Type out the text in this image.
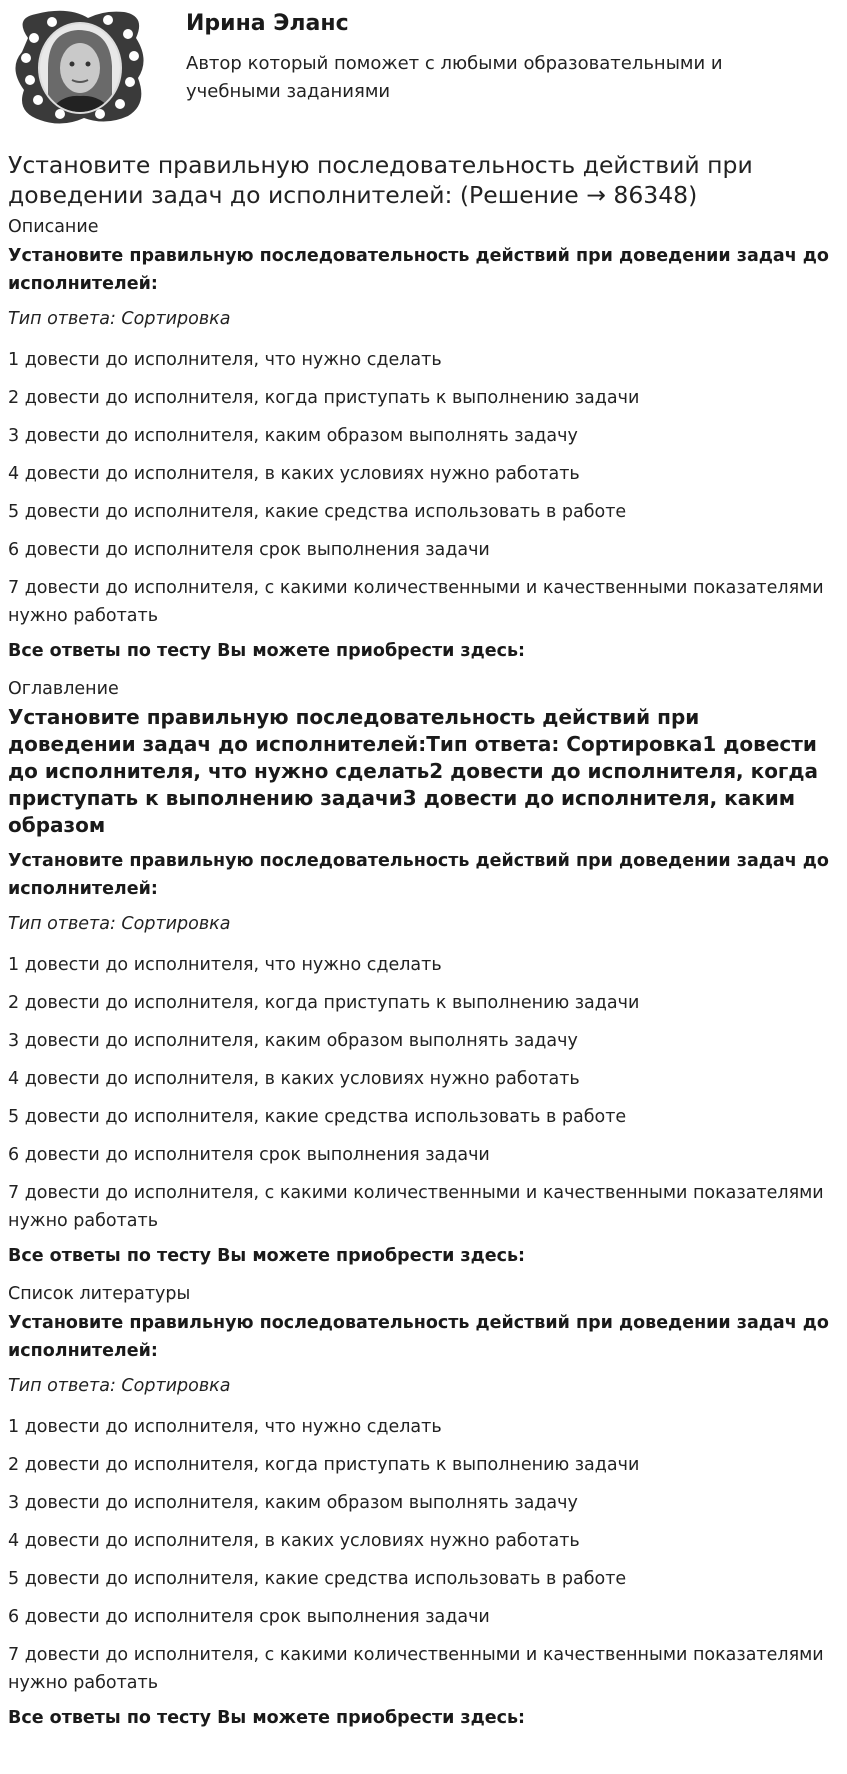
Ирина Эланс
Автор который поможет с любыми образовательными и учебными заданиями
Установите правильную последовательность действий при доведении задач до исполнителей: (Решение → 86348)
Описание
Установите правильную последовательность действий при доведении задач до исполнителей:
Тип ответа: Сортировка
1 довести до исполнителя, что нужно сделать
2 довести до исполнителя, когда приступать к выполнению задачи
3 довести до исполнителя, каким образом выполнять задачу
4 довести до исполнителя, в каких условиях нужно работать
5 довести до исполнителя, какие средства использовать в работе
6 довести до исполнителя срок выполнения задачи
7 довести до исполнителя, с какими количественными и качественными показателями нужно работать
Все ответы по тесту Вы можете приобрести здесь:
Оглавление
Установите правильную последовательность действий при доведении задач до исполнителей:Тип ответа: Сортировка1 довести до исполнителя, что нужно сделать2 довести до исполнителя, когда приступать к выполнению задачи3 довести до исполнителя, каким образом
Установите правильную последовательность действий при доведении задач до исполнителей:
Тип ответа: Сортировка
1 довести до исполнителя, что нужно сделать
2 довести до исполнителя, когда приступать к выполнению задачи
3 довести до исполнителя, каким образом выполнять задачу
4 довести до исполнителя, в каких условиях нужно работать
5 довести до исполнителя, какие средства использовать в работе
6 довести до исполнителя срок выполнения задачи
7 довести до исполнителя, с какими количественными и качественными показателями нужно работать
Все ответы по тесту Вы можете приобрести здесь:
Список литературы
Установите правильную последовательность действий при доведении задач до исполнителей:
Тип ответа: Сортировка
1 довести до исполнителя, что нужно сделать
2 довести до исполнителя, когда приступать к выполнению задачи
3 довести до исполнителя, каким образом выполнять задачу
4 довести до исполнителя, в каких условиях нужно работать
5 довести до исполнителя, какие средства использовать в работе
6 довести до исполнителя срок выполнения задачи
7 довести до исполнителя, с какими количественными и качественными показателями нужно работать
Все ответы по тесту Вы можете приобрести здесь:
